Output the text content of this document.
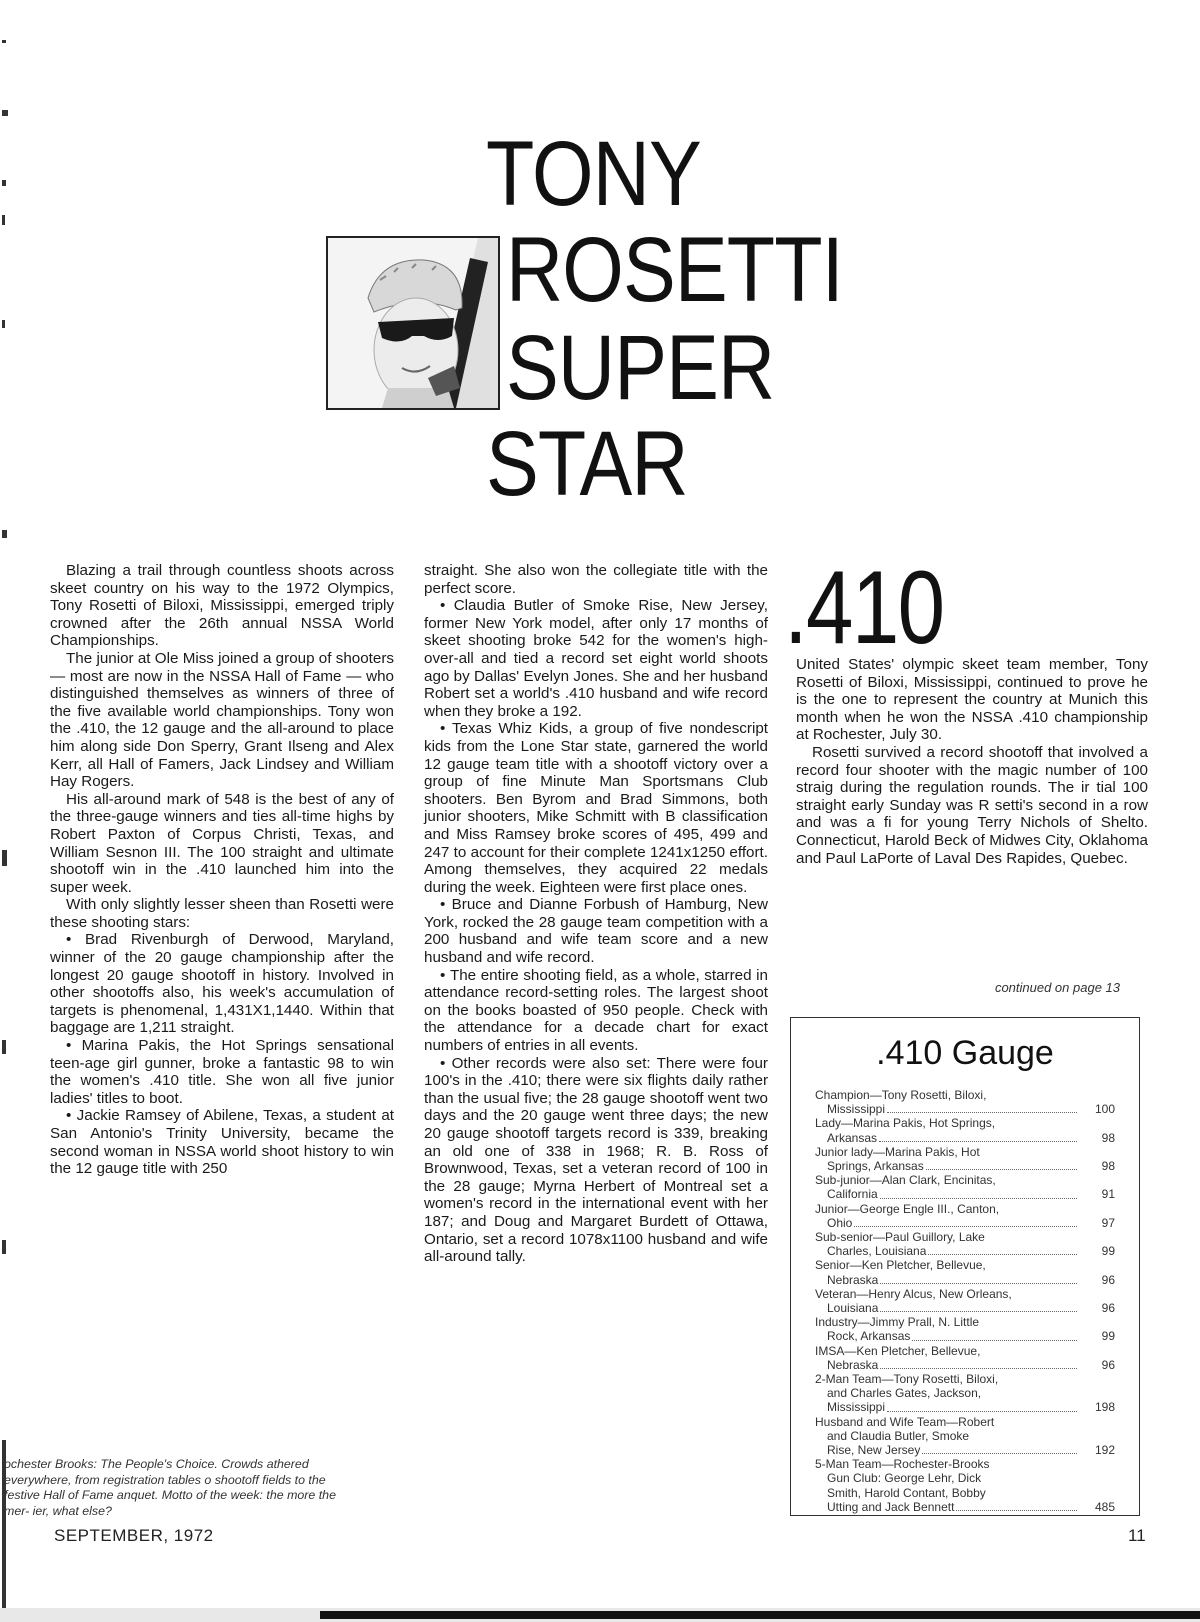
TONY
ROSETTI
SUPER
STAR

Blazing a trail through countless shoots across skeet country on his way to the 1972 Olympics, Tony Rosetti of Biloxi, Mississippi, emerged triply crowned after the 26th annual NSSA World Championships.

The junior at Ole Miss joined a group of shooters — most are now in the NSSA Hall of Fame — who distinguished themselves as winners of three of the five available world championships. Tony won the .410, the 12 gauge and the all-around to place him along side Don Sperry, Grant Ilseng and Alex Kerr, all Hall of Famers, Jack Lindsey and William Hay Rogers.

His all-around mark of 548 is the best of any of the three-gauge winners and ties all-time highs by Robert Paxton of Corpus Christi, Texas, and William Sesnon III. The 100 straight and ultimate shootoff win in the .410 launched him into the super week.

With only slightly lesser sheen than Rosetti were these shooting stars:

• Brad Rivenburgh of Derwood, Maryland, winner of the 20 gauge championship after the longest 20 gauge shootoff in history. Involved in other shootoffs also, his week's accumulation of targets is phenomenal, 1,431X1,1440. Within that baggage are 1,211 straight.

• Marina Pakis, the Hot Springs sensational teen-age girl gunner, broke a fantastic 98 to win the women's .410 title. She won all five junior ladies' titles to boot.

• Jackie Ramsey of Abilene, Texas, a student at San Antonio's Trinity University, became the second woman in NSSA world shoot history to win the 12 gauge title with 250

straight. She also won the collegiate title with the perfect score.

• Claudia Butler of Smoke Rise, New Jersey, former New York model, after only 17 months of skeet shooting broke 542 for the women's high-over-all and tied a record set eight world shoots ago by Dallas' Evelyn Jones. She and her husband Robert set a world's .410 husband and wife record when they broke a 192.

• Texas Whiz Kids, a group of five nondescript kids from the Lone Star state, garnered the world 12 gauge team title with a shootoff victory over a group of fine Minute Man Sportsmans Club shooters. Ben Byrom and Brad Simmons, both junior shooters, Mike Schmitt with B classification and Miss Ramsey broke scores of 495, 499 and 247 to account for their complete 1241x1250 effort. Among themselves, they acquired 22 medals during the week. Eighteen were first place ones.

• Bruce and Dianne Forbush of Hamburg, New York, rocked the 28 gauge team competition with a 200 husband and wife team score and a new husband and wife record.

• The entire shooting field, as a whole, starred in attendance record-setting roles. The largest shoot on the books boasted of 950 people. Check with the attendance for a decade chart for exact numbers of entries in all events.

• Other records were also set: There were four 100's in the .410; there were six flights daily rather than the usual five; the 28 gauge shootoff went two days and the 20 gauge went three days; the new 20 gauge shootoff targets record is 339, breaking an old one of 338 in 1968; R. B. Ross of Brownwood, Texas, set a veteran record of 100 in the 28 gauge; Myrna Herbert of Montreal set a women's record in the international event with her 187; and Doug and Margaret Burdett of Ottawa, Ontario, set a record 1078x1100 husband and wife all-around tally.

.410

United States' olympic skeet team member, Tony Rosetti of Biloxi, Mississippi, continued to prove he is the one to represent the country at Munich this month when he won the NSSA .410 championship at Rochester, July 30.

Rosetti survived a record shootoff that involved a record four shooter with the magic number of 100 straig during the regulation rounds. The ir tial 100 straight early Sunday was R setti's second in a row and was a fi for young Terry Nichols of Shelto. Connecticut, Harold Beck of Midwes City, Oklahoma and Paul LaPorte of Laval Des Rapides, Quebec.

continued on page 13
.410 Gauge
Champion—Tony Rosetti, Biloxi,
Mississippi	100
Lady—Marina Pakis, Hot Springs,
Arkansas	98
Junior lady—Marina Pakis, Hot
Springs, Arkansas	98
Sub-junior—Alan Clark, Encinitas,
California	91
Junior—George Engle III., Canton,
Ohio	97
Sub-senior—Paul Guillory, Lake
Charles, Louisiana	99
Senior—Ken Pletcher, Bellevue,
Nebraska	96
Veteran—Henry Alcus, New Orleans,
Louisiana	96
Industry—Jimmy Prall, N. Little
Rock, Arkansas	99
IMSA—Ken Pletcher, Bellevue,
Nebraska	96
2-Man Team—Tony Rosetti, Biloxi,
and Charles Gates, Jackson,
Mississippi	198
Husband and Wife Team—Robert
and Claudia Butler, Smoke
Rise, New Jersey	192
5-Man Team—Rochester-Brooks
Gun Club: George Lehr, Dick
Smith, Harold Contant, Bobby
Utting and Jack Bennett	485

ochester Brooks: The People's Choice. Crowds athered everywhere, from registration tables o shootoff fields to the festive Hall of Fame anquet. Motto of the week: the more the mer- ier, what else?

SEPTEMBER, 1972	11
